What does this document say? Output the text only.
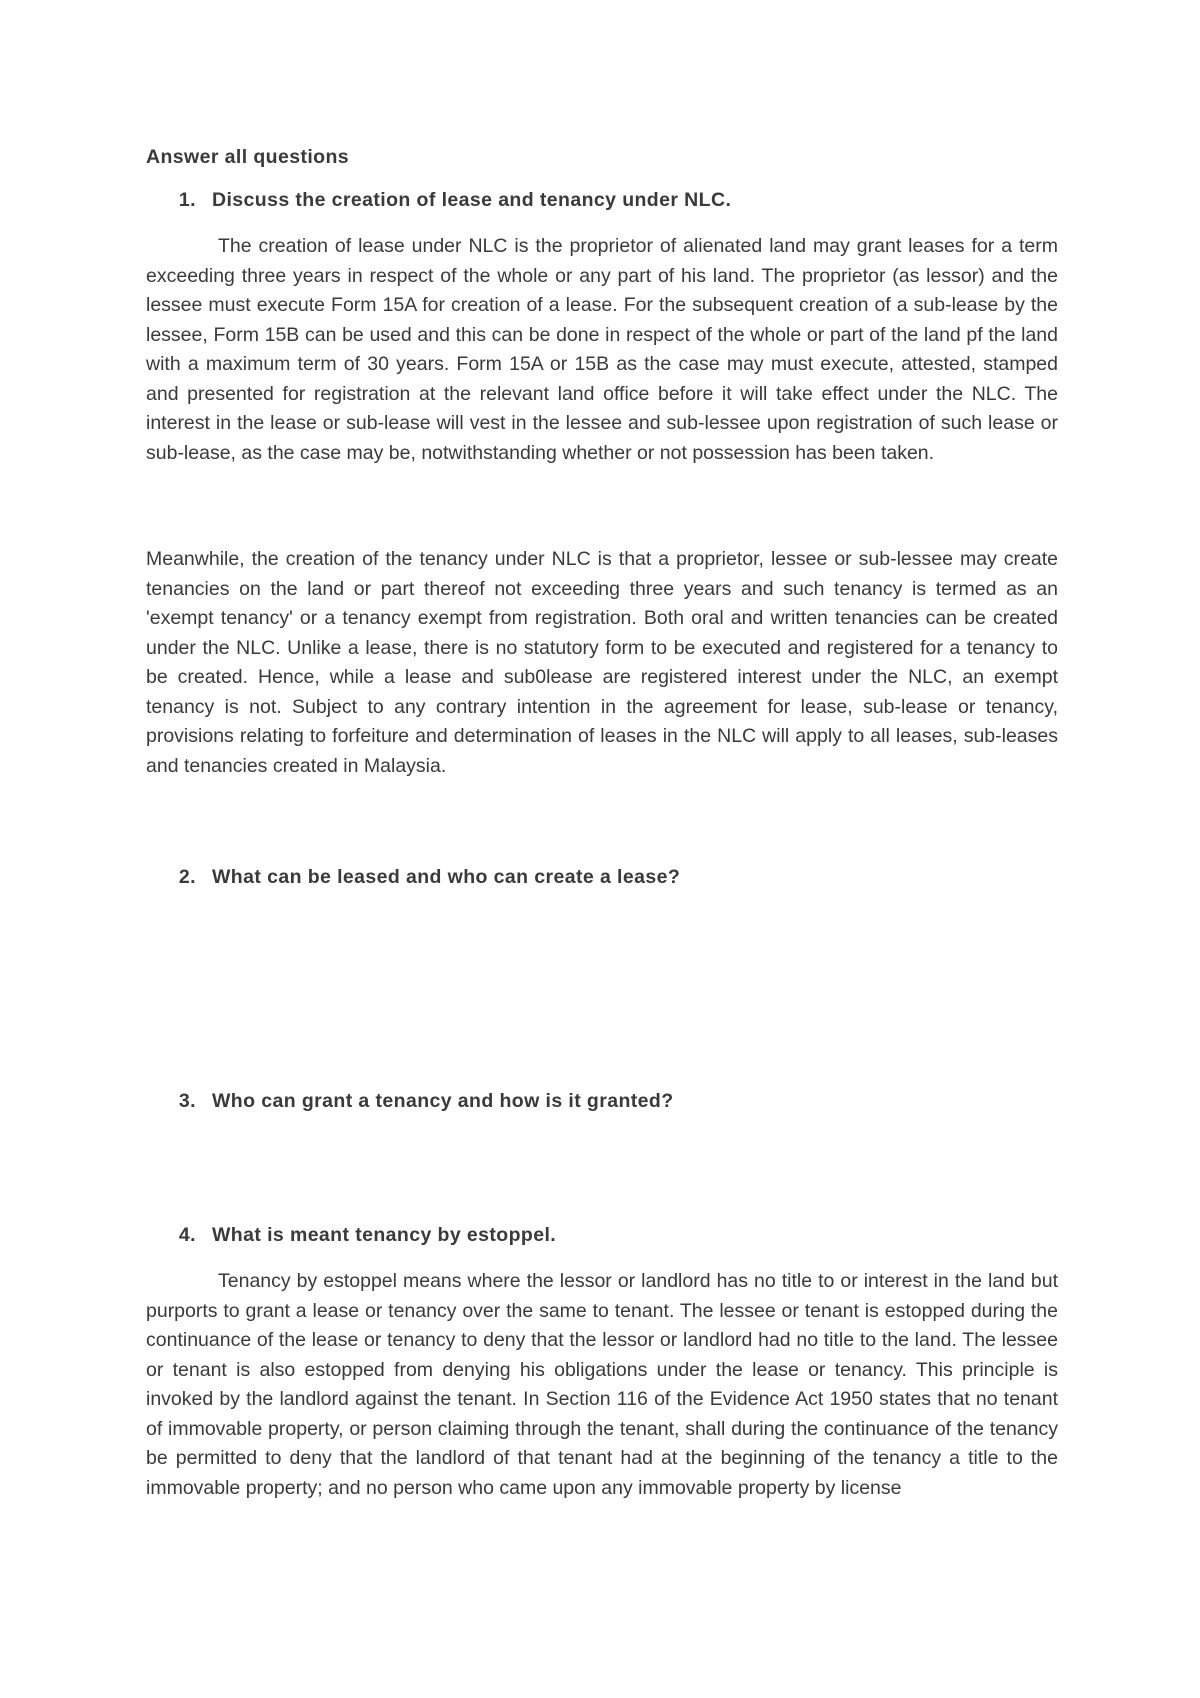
Answer all questions
1. Discuss the creation of lease and tenancy under NLC.

The creation of lease under NLC is the proprietor of alienated land may grant leases for a term exceeding three years in respect of the whole or any part of his land. The proprietor (as lessor) and the lessee must execute Form 15A for creation of a lease. For the subsequent creation of a sub-lease by the lessee, Form 15B can be used and this can be done in respect of the whole or part of the land pf the land with a maximum term of 30 years. Form 15A or 15B as the case may must execute, attested, stamped and presented for registration at the relevant land office before it will take effect under the NLC. The interest in the lease or sub-lease will vest in the lessee and sub-lessee upon registration of such lease or sub-lease, as the case may be, notwithstanding whether or not possession has been taken.

Meanwhile, the creation of the tenancy under NLC is that a proprietor, lessee or sub-lessee may create tenancies on the land or part thereof not exceeding three years and such tenancy is termed as an 'exempt tenancy' or a tenancy exempt from registration. Both oral and written tenancies can be created under the NLC. Unlike a lease, there is no statutory form to be executed and registered for a tenancy to be created. Hence, while a lease and sub0lease are registered interest under the NLC, an exempt tenancy is not. Subject to any contrary intention in the agreement for lease, sub-lease or tenancy, provisions relating to forfeiture and determination of leases in the NLC will apply to all leases, sub-leases and tenancies created in Malaysia.

2. What can be leased and who can create a lease?
3. Who can grant a tenancy and how is it granted?
4. What is meant tenancy by estoppel.

Tenancy by estoppel means where the lessor or landlord has no title to or interest in the land but purports to grant a lease or tenancy over the same to tenant. The lessee or tenant is estopped during the continuance of the lease or tenancy to deny that the lessor or landlord had no title to the land. The lessee or tenant is also estopped from denying his obligations under the lease or tenancy. This principle is invoked by the landlord against the tenant. In Section 116 of the Evidence Act 1950 states that no tenant of immovable property, or person claiming through the tenant, shall during the continuance of the tenancy be permitted to deny that the landlord of that tenant had at the beginning of the tenancy a title to the immovable property; and no person who came upon any immovable property by license
